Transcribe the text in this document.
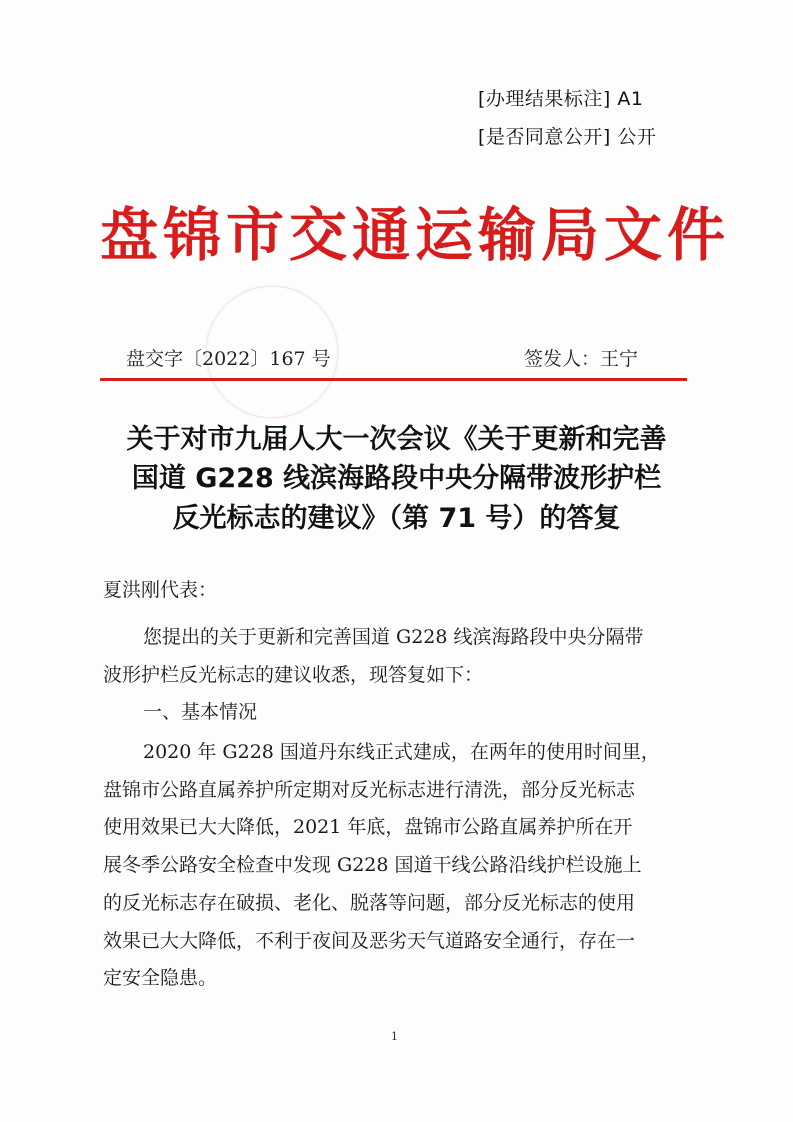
[办理结果标注] A1
[是否同意公开] 公开
盘锦市交通运输局文件
盘交字〔2022〕167 号	签发人：王宁
关于对市九届人大一次会议《关于更新和完善
国道 G228 线滨海路段中央分隔带波形护栏
反光标志的建议》（第 71 号）的答复
夏洪刚代表：
您提出的关于更新和完善国道 G228 线滨海路段中央分隔带
波形护栏反光标志的建议收悉，现答复如下：
一、基本情况
2020 年 G228 国道丹东线正式建成，在两年的使用时间里，
盘锦市公路直属养护所定期对反光标志进行清洗，部分反光标志
使用效果已大大降低，2021 年底，盘锦市公路直属养护所在开
展冬季公路安全检查中发现 G228 国道干线公路沿线护栏设施上
的反光标志存在破损、老化、脱落等问题，部分反光标志的使用
效果已大大降低，不利于夜间及恶劣天气道路安全通行，存在一
定安全隐患。
1
